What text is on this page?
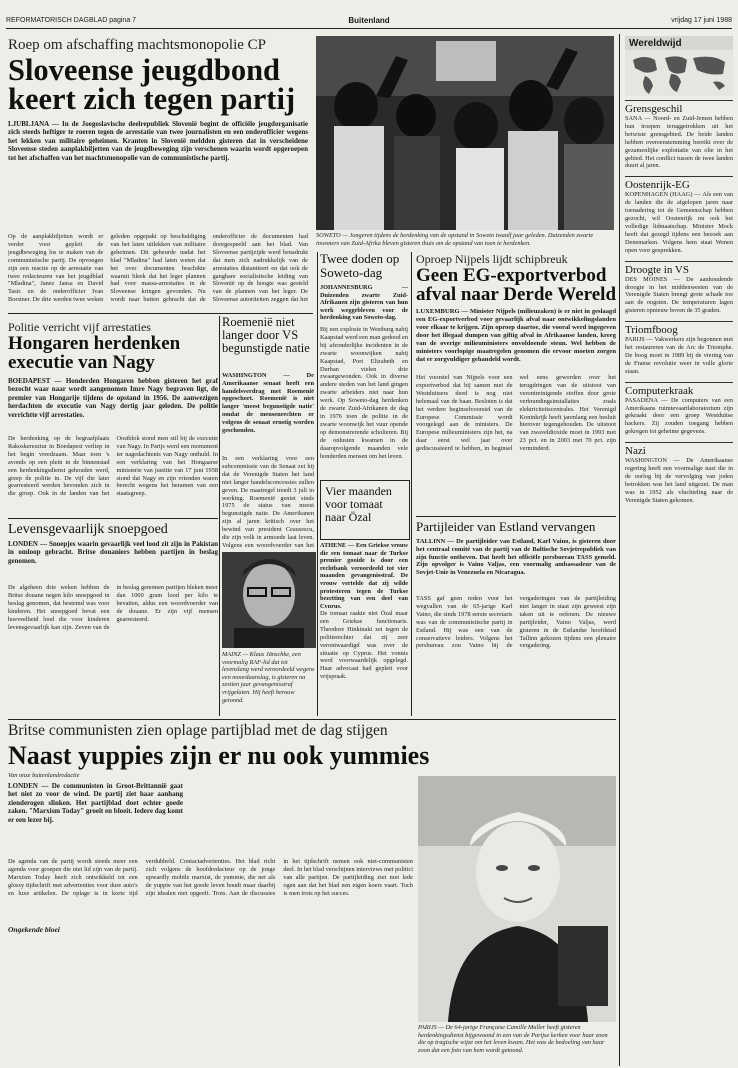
REFORMATORISCH DAGBLAD pagina 7	Buitenland	vrijdag 17 juni 1988
Roep om afschaffing machtsmonopolie CP
Sloveense jeugdbond keert zich tegen partij
LJUBLJANA — In de Joegoslavische deelrepubliek Slovenië begint de officiële jeugdorganisatie zich steeds heftiger te roeren tegen de arrestatie van twee journalisten en een onderofficier wegens het lekken van militaire geheimen. Kranten in Slovenië meldden gisteren dat in verscheidene Sloveense steden aanplakbiljetten van de jeugdbeweging zijn verschenen waarin wordt opgeroepen tot het afschaffen van het machtsmonopolie van de communistische partij.
Op de aanplakbiljetten wordt er verder voor gepleit de jeugdbeweging los te maken van de communistische partij. De opvoegen zijn een reactie op de arrestatie van twee redacteuren van het jeugdblad "Mladina", Janez Jansa en David Tasic en de onderofficier Ivan Borstner. De drie werden twee weken geleden opgepakt op beschuldiging van het laten uitlekken van militaire geheimen. Dit gebeurde nadat het blad "Mladina" had laten weten dat het over documenten beschikte waaruit bleek dat het leger plannen had voor massa-arrestaties in de Sloveense kringen gevonden. Nu wordt naar buiten gebracht dat de onderofficier de documenten had doorgespeeld aan het blad. Van Sloveense partijzijde werd benadrukt dat men zich nadrukkelijk van de arrestaties distantieert en dat ook de gangbare socialistische leiding van Slovenië op de hoogte was gesteld van de plannen van het leger. De Sloveense autoriteiten zeggen dat het
SOWETO — Jongeren tijdens de herdenking van de opstand in Soweto twaalf jaar geleden. Duizenden zwarte inwoners van Zuid-Afrika bleven gisteren thuis om de opstand van toen te herdenken.
Wereldwijd
Grensgeschil
SANA — Noord- en Zuid-Jemen hebben hun troepen teruggetrokken uit het betwiste grensgebied. De beide landen hebben overeenstemming bereikt over de gezamenlijke exploitatie van olie in het gebied. Het conflict tussen de twee landen duurt al jaren.
Oostenrijk-EG
KOPENHAGEN (HAAG) — Als een van de landen die de afgelopen jaren naar toenadering tot de Gemeenschap hebben gezocht, wil Oostenrijk nu ook het volledige lidmaatschap. Minister Mock heeft dat gezegd tijdens een bezoek aan Denemarken. Volgens hem staat Wenen open voor gesprekken.
Droogte in VS
DES MOINES — De aanhoudende droogte in het middenwesten van de Verenigde Staten brengt grote schade toe aan de oogsten. De temperaturen lagen gisteren opnieuw boven de 35 graden.
Triomfboog
PARIJS — Vakwerkers zijn begonnen met het restaureren van de Arc de Triomphe. De boog moet in 1989 bij de viering van de Franse revolutie weer in volle glorie staan.
Computerkraak
PASADENA — De computers van een Amerikaans ruimtevaartlaboratorium zijn gekraakt door een groep Westduitse hackers. Zij zouden toegang hebben gekregen tot geheime gegevens.
Nazi
WASHINGTON — De Amerikaanse regering heeft een voormalige nazi die in de oorlog bij de vervolging van joden betrokken was het land uitgezet. De man was in 1952 als vluchteling naar de Verenigde Staten gekomen.
Politie verricht vijf arrestaties
Hongaren herdenken executie van Nagy
BOEDAPEST — Honderden Hongaren hebben gisteren het graf bezocht waar naar wordt aangenomen Imre Nagy begraven ligt, de premier van Hongarije tijdens de opstand in 1956. De aanwezigen herdachten de executie van Nagy dertig jaar geleden. De politie verrichtte vijf arrestaties.
De herdenking op de begraafplaats Rakoskeresztur in Boedapest verliep in het begin vreedzaam. Maar toen 's avonds op een plein in de binnenstad een herdenkingsdienst gehouden werd, greep de politie in. De vijf die later gearresteerd werden bevonden zich in die groep. Ook in de landen van het Oostblok stond men stil bij de executie van Nagy. In Parijs werd een monument ter nagedachtenis van Nagy onthuld. In een verklaring van het Hongaarse ministerie van justitie van 17 juni 1958 stond dat Nagy en zijn vrienden waren berecht wegens het beramen van een staatsgreep.
Levensgevaarlijk snoepgoed
LONDEN — Snoepjes waarin gevaarlijk veel lood zit zijn in Pakistan in omloop gebracht. Britse douaniers hebben partijen in beslag genomen.
De algeheen drie weken hebben de Britse douane negen kilo snoepgoed in beslag genomen, dat bestemd was voor kinderen. Het snoepgoed bevat een hoeveelheid lood die voor kinderen levensgevaarlijk kan zijn. Zeven van de in beslag genomen partijen bleken meer dan 1000 gram lood per kilo te bevatten, aldus een woordvoerder van de douane. Er zijn vijf mensen gearresteerd.
Roemenië niet langer door VS begunstigde natie
WASHINGTON — De Amerikaanse senaat heeft een handelsverdrag met Roemenië opgeschort. Roemenië is niet langer 'meest begunstigde natie' omdat de mensenrechten er volgens de senaat ernstig worden geschonden.
In een verklaring voor een subcommissie van de Senaat zei hij dat de Verenigde Staten het land niet langer handelsconcessies zullen geven. De maatregel treedt 3 juli in werking. Roemenië geniet sinds 1975 de status van meest begunstigde natie. De Amerikanen zijn al jaren kritisch over het bewind van president Ceausescu, die zijn volk in armoede laat leven. Volgens een woordvoerder van het
MAINZ — Klaus Jänschke, een voormalig RAF-lid dat tot levenslang werd veroordeeld wegens een moordaanslag, is gisteren na zestien jaar gevangenisstraf vrijgelaten. Hij heeft berouw getoond.
Twee doden op Soweto-dag
JOHANNESBURG — Duizenden zwarte Zuid-Afrikanen zijn gisteren van hun werk weggebleven voor de herdenking van Soweto-dag.
Bij een explosie in Westburg nabij Kaapstad werd een man gedood en bij afzonderlijke incidenten in de zwarte woonwijken nabij Kaapstad, Port Elizabeth en Durban vielen drie zwaargewonden. Ook in diverse andere steden van het land gingen zwarte arbeiders niet naar hun werk. Op Soweto-dag herdenken de zwarte Zuid-Afrikanen de dag in 1976 toen de politie in de zwarte woonwijk het vuur opende op demonstrerende scholieren. Bij de onlusten kwamen in de daaropvolgende maanden vele honderden mensen om het leven.
Vier maanden voor tomaat naar Özal
ATHENE — Een Griekse vrouw die een tomaat naar de Turkse premier gooide is door een rechtbank veroordeeld tot vier maanden gevangenisstraf. De vrouw vertelde dat zij wilde protesteren tegen de Turkse bezetting van een deel van Cyprus.
De tomaat raakte niet Özal maar een Griekse functionaris. Theodore Hinkinaki zei tegen de politierechter dat zij zeer verontwaardigd was over de situatie op Cyprus. Het vonnis werd voorwaardelijk opgelegd. Haar advocaat had gepleit voor vrijspraak.
Oproep Nijpels lijdt schipbreuk
Geen EG-exportverbod afval naar Derde Wereld
LUXEMBURG — Minister Nijpels (milieuzaken) is er niet in geslaagd een EG-exportverbod voor gevaarlijk afval naar ontwikkelingslanden voor elkaar te krijgen. Zijn oproep daartoe, die vooral werd ingegeven door het illegaal dumpen van giftig afval in Afrikaanse landen, kreeg van de overige milieuministers onvoldoende steun. Wel hebben de ministers voorlopige maatregelen genomen die ervoor moeten zorgen dat er zorgvuldiger gehandeld wordt.
Het voorstel van Nijpels voor een exportverbod dat bij samen met de Westduitsers deed is nog niet helemaal van de baan. Besloten is dat het verdere beginselvoorstel van de Europese Commissie wordt voorgelegd aan de ministers. De Europese milieuministers zijn het, na daar eerst wel jaar over gediscussieerd te hebben, in beginsel wel eens geworden over het terugdringen van de uitstoot van verontreinigende stoffen door grote verbrandingsinstallaties zoals elektriciteitscentrales. Het Verenigd Koninkrijk heeft jarenlang een besluit hierover tegengehouden. De uitstoot van zwaveldioxide moet in 1993 met 23 pct. en in 2003 met 70 pct. zijn verminderd.
Partijleider van Estland vervangen
TALLINN — De partijleider van Estland, Karl Vaino, is gisteren door het centraal comité van de partij van de Baltische Sovjetrepubliek van zijn functie ontheven. Dat heeft het officiële persbureau TASS gemeld. Zijn opvolger is Vaino Valjas, een voormalig ambassadeur van de Sovjet-Unie in Venezuela en Nicaragua.
TASS gaf geen reden voor het wegvallen van de 65-jarige Karl Vaino, die sinds 1978 eerste secretaris was van de communistische partij in Estland. Hij was een van de conservatieve leiders. Volgens het persbureau zou Vaino bij de vergaderingen van de partijleiding niet langer in staat zijn geweest zijn taken uit te oefenen. De nieuwe partijleider, Vaino Valjas, werd gisteren in de Estlandse hoofdstad Tallinn gekozen tijdens een plenaire vergadering.
Britse communisten zien oplage partijblad met de dag stijgen
Naast yuppies zijn er nu ook yummies
Van onze buitenlandredactie
LONDEN — De communisten in Groot-Brittannië gaat het niet zo voor de wind. De partij ziet haar aanhang zienderogen slinken. Het partijblad doet echter goede zaken. "Marxism Today" groeit en bloeit. Iedere dag komt er een lezer bij.
Ongekende bloei
De agenda van de partij wordt steeds meer een agenda voor groepen die niet lid zijn van de partij. Marxism Today heeft zich ontwikkeld tot een glossy tijdschrift met advertenties voor dure auto's en luxe artikelen. De oplage is in korte tijd verdubbeld. Contactadvertenties. Het blad richt zich volgens de hoofdredacteur op de jonge upwardly mobile marxist, de yummie, die net als de yuppie van het goede leven houdt maar daarbij zijn idealen niet opgeeft. Trots. Aan de discussies in het tijdschrift nemen ook niet-communisten deel. In het blad verschijnen interviews met politici van alle partijen. De partijleiding ziet met lede ogen aan dat het blad een eigen koers vaart. Toch is men trots op het succes.
PARIJS — De 64-jarige Française Camille Muller heeft gisteren herdenkingsdienst bijgewoond in een van de Parijse kerken voor haar zoon die op tragische wijze om het leven kwam. Het was de bedoeling van haar zoon dat een foto van hem wordt getoond.
